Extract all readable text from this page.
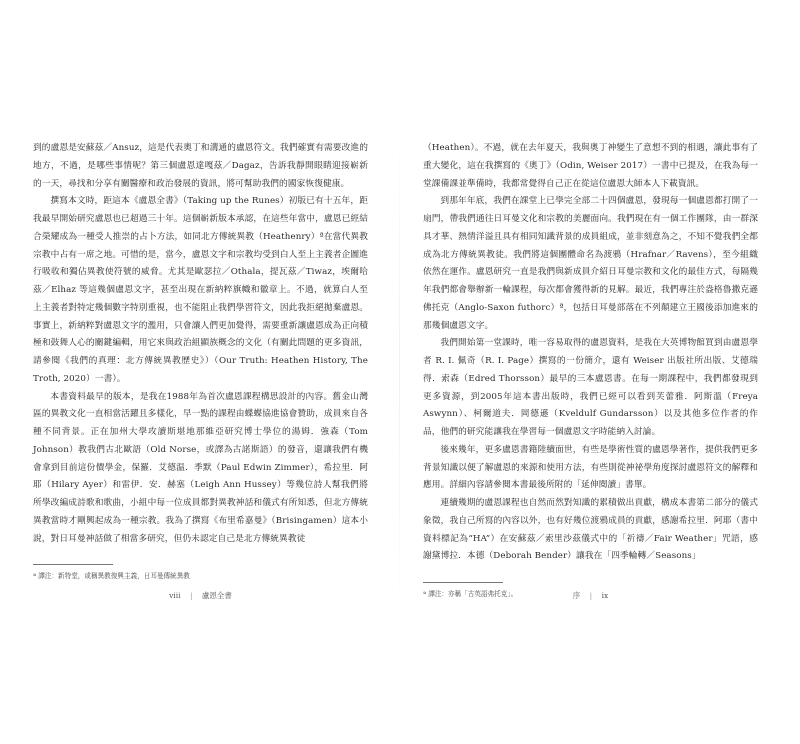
到的盧恩是安蘇茲／Ansuz，這是代表奧丁和溝通的盧恩符文。我們確實有需要改進的地方，不過，是哪些事情呢？第三個盧恩達嘎茲／Dagaz，告訴我靜開眼睛迎接嶄新的一天，尋找和分享有關醫療和政治發展的資訊，將可幫助我們的國家恢復健康。

撰寫本文時，距這本《盧恩全書》（Taking up the Runes）初版已有十五年，距我最早開始研究盧恩也已超過三十年。這個嶄新版本承認，在這些年當中，盧恩已經結合榮耀成為一種受人推崇的占卜方法，如同北方傳統異教（Heathenry）ª在當代異教宗教中占有一席之地。可惜的是，當今，盧恩文字和宗教均受到白人至上主義者企圖進行吸收和獨佔異教使符號的威脅。尤其是歐瑟拉／Othala，提瓦茲／Tiwaz，埃爾哈茲／Elhaz 等這幾個盧恩文字，甚至出現在新納粹旗幟和徽章上。不過，就算白人至上主義者對特定幾個數字特別重視，也不能阻止我們學習符文，因此我拒絕拋棄盧恩。事實上，新納粹對盧恩文字的濫用，只會讓人們更加覺得，需要重新讓盧恩成為正向積極和鼓舞人心的關鍵編輯，用它來與政治組顯族概念的文化（有關此問題的更多資訊，請參閱《我們的真理：北方傳統異教歷史》）（Our Truth: Heathen History, The Troth, 2020）一書）。

本書資料最早的版本，是我在1988年為首次盧恩課程構思設計的內容。舊金山灣區的異教文化一直相當活躍且多樣化，早一點的課程由蝶蝶協進協會贊助，成員來自各種不同背景。正在加州大學攻讀斯堪地那維亞研究博士學位的湯姆．強森（Tom Johnson）教我們古北歐語（Old Norse，或譯為古諾斯語）的發音，還讓我們有機會拿到目前這份價學金，保羅．艾德温．季默（Paul Edwin Zimmer），希拉里．阿耶（Hilary Ayer）和雷伊．安．赫塞（Leigh Ann Hussey）等幾位詩人幫我們將所學改編成詩歌和歌曲，小組中每一位成員都對異教神話和儀式有所知悉，但北方傳統異教當時才剛興起成為一種宗教。我為了撰寫《布里希嘉曼》（Brisingamen）這本小說，對日耳曼神話做了相當多研究，但仍未認定自己是北方傳統異教徒

ª 譯注：新特堂，或稱異教復興主義，日耳曼傳統異教

（Heathen）。不過，就在去年夏天，我與奧丁神變生了意想不到的相遇，讓此事有了重大變化，這在我撰寫的《奧丁》（Odin, Weiser 2017）一書中已提及，在我為每一堂課備課並準備時，我都常覺得自己正在從這位盧恩大師本人下載資訊。

到那年年底，我們在課堂上已學完全部二十四個盧恩，發現每一個盧恩都打開了一扇門，帶我們通往日耳曼文化和宗教的美麗面向。我們現在有一個工作團隊，由一群深具才華、熱情洋溢且具有相同知識背景的成員組成，並非刻意為之，不知不覺我們全都成為北方傳統異教徒。我們將這個團體命名為渡鴉（Hrafnar／Ravens），至今組織依然在運作。盧恩研究一直是我們與新成員介紹日耳曼宗教和文化的最佳方式，每隔幾年我們都會舉辦新一輪課程，每次都會獲得新的見解。最近，我們專注於盎格魯撒克遜佛托克（Anglo-Saxon futhorc）ª，包括日耳曼部落在不列顛建立王國後添加進來的那幾個盧恩文字。

我們開始第一堂課時，唯一容易取得的盧恩資料，是我在大英博物館買到由盧恩學者 R. I. 佩奇（R. I. Page）撰寫的一份簡介，還有 Weiser 出版社所出版、艾德瑞得．索森（Edred Thorsson）最早的三本盧恩書。在每一期課程中，我們都發現到更多資源，到2005年這本書出版時，我們已經可以看到芙蕾雅．阿斯溫（Freya Aswynn）、柯爾道夫．岡德遜（Kveldulf Gundarsson）以及其他多位作者的作品，他們的研究能讓我在學習每一個盧恩文字時能納入討論。

後來幾年，更多盧恩書籍陸續面世，有些是學術性質的盧恩學著作，提供我們更多背景知識以便了解盧恩的來源和使用方法，有些則從神祕學角度探討盧恩符文的解釋和應用。詳細內容請參閱本書最後所附的「延伸閱讀」書單。

連續幾期的盧恩課程也自然而然對知識的累積做出貢獻，構成本書第二部分的儀式象徵，我自己所寫的內容以外，也有好幾位渡鴉成員的貢獻，感謝希拉里．阿耶（書中資料標記為“HA”）在安蘇茲／索里沙茲儀式中的「祈禱／Fair Weather」咒語，感謝黛博拉．本德（Deborah Bender）讓我在「四季輪轉／Seasons」

ª 譯注：亦稱「古英語弗托克」。
viii | 盧恩全書	序 | ix
